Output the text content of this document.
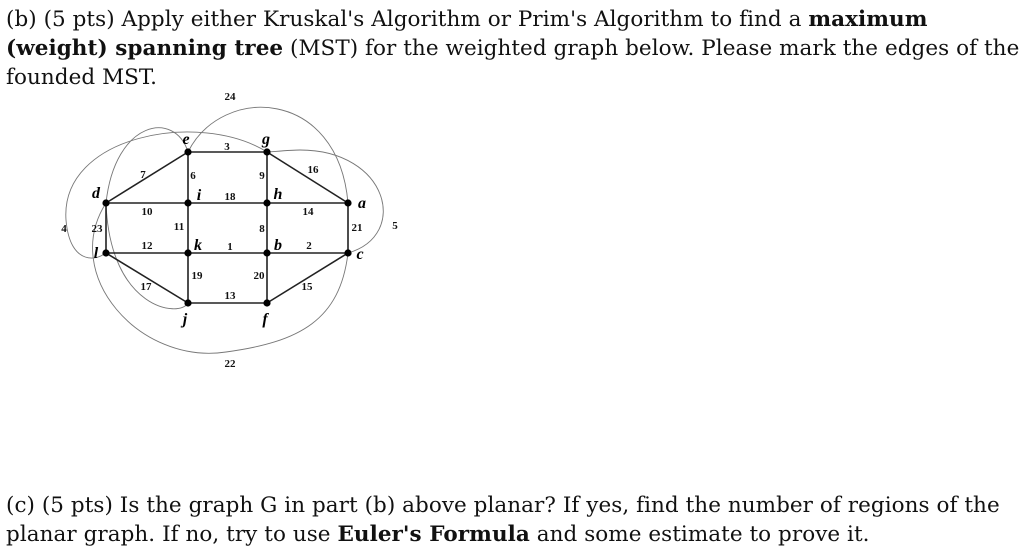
(b) (5 pts) Apply either Kruskal's Algorithm or Prim's Algorithm to find a maximum (weight) spanning tree (MST) for the weighted graph below. Please mark the edges of the founded MST.
3
7	6	9	16
10
23
18
11
14
8	21
12
17
1
19
2
20
15
13
24
4
22
5
e	g
d	i	h
a
l	k	b
c
j	f
(c) (5 pts) Is the graph G in part (b) above planar? If yes, find the number of regions of the planar graph. If no, try to use Euler's Formula and some estimate to prove it.
